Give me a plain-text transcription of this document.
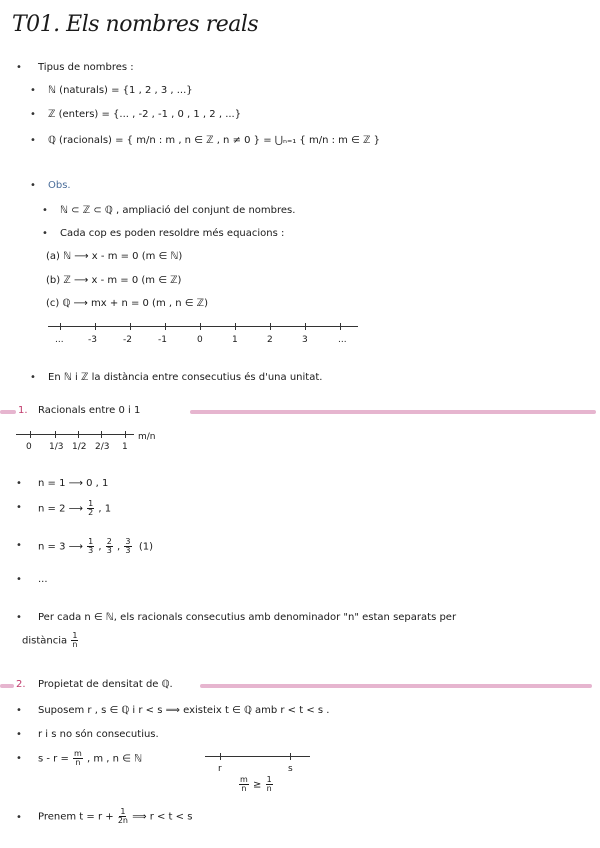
T01. Els nombres reals
• Tipus de nombres :
• ℕ (naturals) = {1 , 2 , 3 , ...}
• ℤ (enters) = {... , -2 , -1 , 0 , 1 , 2 , ...}
• ℚ (racionals) = { m/n : m , n ∈ ℤ , n ≠ 0 } = ⋃ₙ₌₁ { m/n : m ∈ ℤ }
• Obs.
• ℕ ⊂ ℤ ⊂ ℚ , ampliació del conjunt de nombres.
• Cada cop es poden resoldre més equacions :
(a) ℕ ⟶ x - m = 0 (m ∈ ℕ)
(b) ℤ ⟶ x - m = 0 (m ∈ ℤ)
(c) ℚ ⟶ mx + n = 0 (m , n ∈ ℤ)
...	-3	-2	-1	0	1	2	3	...
• En ℕ i ℤ la distància entre consecutius és d'una unitat.
1. Racionals entre 0 i 1
0 1/3 1/2 2/3 1
m/n
• n = 1 ⟶ 0 , 1
• n = 2 ⟶ $\frac{1}{2}$ , 1
• n = 3 ⟶ $\frac{1}{3}$ , $\frac{2}{3}$ , $\frac{3}{3} (1)$
• ...
• Per cada n ∈ ℕ, els racionals consecutius amb denominador "n" estan separats per
distància $\frac{1}{n}$
2. Propietat de densitat de ℚ.
• Suposem r , s ∈ ℚ i r < s ⟹ existeix t ∈ ℚ amb r < t < s .
• r i s no són consecutius.
• $s - r = \frac{m}{n}$ , m , n ∈ ℕ
r	s
$\frac{m}{n} \ge \frac{1}{n}$
• Prenem $t = r + \frac{1}{2n}$ ⟹ r < t < s
